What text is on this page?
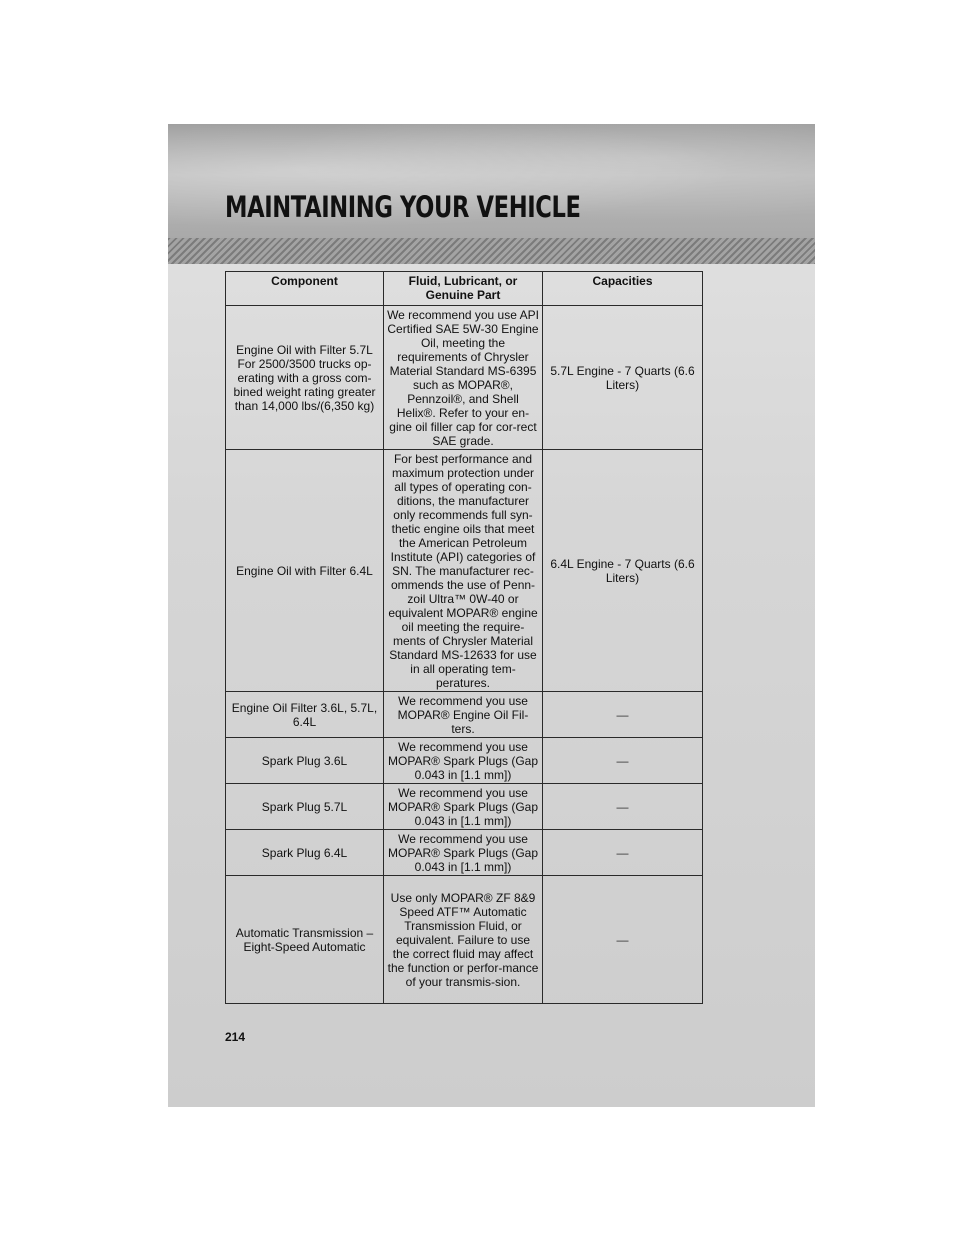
MAINTAINING YOUR VEHICLE
Component	Fluid, Lubricant, or Genuine Part	Capacities
Engine Oil with Filter 5.7L For 2500/3500 trucks op-erating with a gross com-bined weight rating greater than 14,000 lbs/(6,350 kg)	We recommend you use API Certified SAE 5W-30 Engine Oil, meeting the requirements of Chrysler Material Standard MS-6395 such as MOPAR®, Pennzoil®, and Shell Helix®. Refer to your en-gine oil filler cap for cor-rect SAE grade.	5.7L Engine - 7 Quarts (6.6 Liters)
Engine Oil with Filter 6.4L	For best performance and maximum protection under all types of operating con-ditions, the manufacturer only recommends full syn-thetic engine oils that meet the American Petroleum Institute (API) categories of SN. The manufacturer rec-ommends the use of Penn-zoil Ultra™ 0W-40 or equivalent MOPAR® engine oil meeting the require-ments of Chrysler Material Standard MS-12633 for use in all operating tem-peratures.	6.4L Engine - 7 Quarts (6.6 Liters)
Engine Oil Filter 3.6L, 5.7L, 6.4L	We recommend you use MOPAR® Engine Oil Fil-ters.	—
Spark Plug 3.6L	We recommend you use MOPAR® Spark Plugs (Gap 0.043 in [1.1 mm])	—
Spark Plug 5.7L	We recommend you use MOPAR® Spark Plugs (Gap 0.043 in [1.1 mm])	—
Spark Plug 6.4L	We recommend you use MOPAR® Spark Plugs (Gap 0.043 in [1.1 mm])	—
Automatic Transmission – Eight-Speed Automatic	Use only MOPAR® ZF 8&9 Speed ATF™ Automatic Transmission Fluid, or equivalent. Failure to use the correct fluid may affect the function or perfor-mance of your transmis-sion.	—
214
